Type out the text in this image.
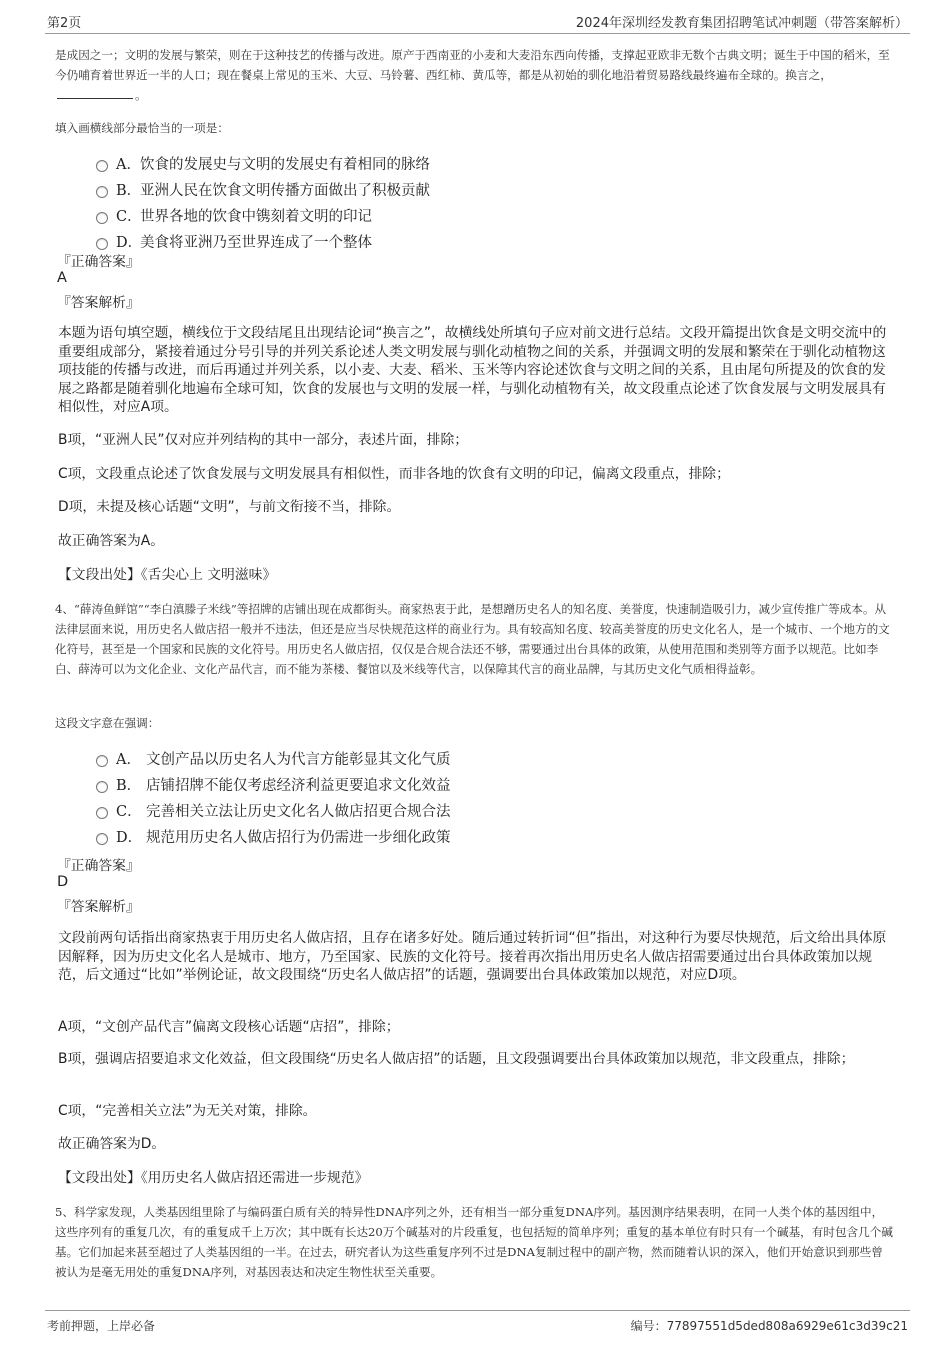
第2页	2024年深圳经发教育集团招聘笔试冲刺题（带答案解析）

是成因之一；文明的发展与繁荣，则在于这种技艺的传播与改进。原产于西南亚的小麦和大麦沿东西向传播，支撑起亚欧非无数个古典文明；诞生于中国的稻米，至今仍哺育着世界近一半的人口；现在餐桌上常见的玉米、大豆、马铃薯、西红柿、黄瓜等，都是从初始的驯化地沿着贸易路线最终遍布全球的。换言之，。

填入画横线部分最恰当的一项是：

A． 饮食的发展史与文明的发展史有着相同的脉络
B．
亚洲人民在饮食文明传播方面做出了积极贡献
C．
世界各地的饮食中镌刻着文明的印记
D．
美食将亚洲乃至世界连成了一个整体

『正确答案』

A

『答案解析』

本题为语句填空题，横线位于文段结尾且出现结论词“换言之”，故横线处所填句子应对前文进行总结。文段开篇提出饮食是文明交流中的重要组成部分，紧接着通过分号引导的并列关系论述人类文明发展与驯化动植物之间的关系，并强调文明的发展和繁荣在于驯化动植物这项技能的传播与改进，而后再通过并列关系，以小麦、大麦、稻米、玉米等内容论述饮食与文明之间的关系，且由尾句所提及的饮食的发展之路都是随着驯化地遍布全球可知，饮食的发展也与文明的发展一样，与驯化动植物有关，故文段重点论述了饮食发展与文明发展具有相似性，对应A项。

B项，“亚洲人民”仅对应并列结构的其中一部分，表述片面，排除；

C项，文段重点论述了饮食发展与文明发展具有相似性，而非各地的饮食有文明的印记，偏离文段重点，排除；

D项，未提及核心话题“文明”，与前文衔接不当，排除。

故正确答案为A。

【文段出处】《舌尖心上 文明滋味》

4、“薛涛鱼鲜馆”“李白滇滕子米线”等招牌的店铺出现在成都街头。商家热衷于此，是想蹭历史名人的知名度、美誉度，快速制造吸引力，减少宣传推广等成本。从法律层面来说，用历史名人做店招一般并不违法，但还是应当尽快规范这样的商业行为。具有较高知名度、较高美誉度的历史文化名人，是一个城市、一个地方的文化符号，甚至是一个国家和民族的文化符号。用历史名人做店招，仅仅是合规合法还不够，需要通过出台具体的政策，从使用范围和类别等方面予以规范。比如李白、薛涛可以为文化企业、文化产品代言，而不能为茶楼、餐馆以及米线等代言，以保障其代言的商业品牌，与其历史文化气质相得益彰。

这段文字意在强调：

A． 文创产品以历史名人为代言方能彰显其文化气质
B． 店铺招牌不能仅考虑经济利益更要追求文化效益
C． 完善相关立法让历史文化名人做店招更合规合法
D． 规范用历史名人做店招行为仍需进一步细化政策

『正确答案』

D

『答案解析』

文段前两句话指出商家热衷于用历史名人做店招，且存在诸多好处。随后通过转折词“但”指出，对这种行为要尽快规范，后文给出具体原因解释，因为历史文化名人是城市、地方，乃至国家、民族的文化符号。接着再次指出用历史名人做店招需要通过出台具体政策加以规范，后文通过“比如”举例论证，故文段围绕“历史名人做店招”的话题，强调要出台具体政策加以规范，对应D项。

A项，“文创产品代言”偏离文段核心话题“店招”，排除；

B项，强调店招要追求文化效益，但文段围绕“历史名人做店招”的话题，且文段强调要出台具体政策加以规范，非文段重点，排除；

C项，“完善相关立法”为无关对策，排除。

故正确答案为D。

【文段出处】《用历史名人做店招还需进一步规范》

5、科学家发现，人类基因组里除了与编码蛋白质有关的特异性DNA序列之外，还有相当一部分重复DNA序列。基因测序结果表明，在同一人类个体的基因组中，这些序列有的重复几次，有的重复成千上万次；其中既有长达20万个碱基对的片段重复，也包括短的简单序列；重复的基本单位有时只有一个碱基，有时包含几个碱基。它们加起来甚至超过了人类基因组的一半。在过去，研究者认为这些重复序列不过是DNA复制过程中的副产物，然而随着认识的深入，他们开始意识到那些曾被认为是毫无用处的重复DNA序列，对基因表达和决定生物性状至关重要。

考前押题，上岸必备	编号：77897551d5ded808a6929e61c3d39c21
